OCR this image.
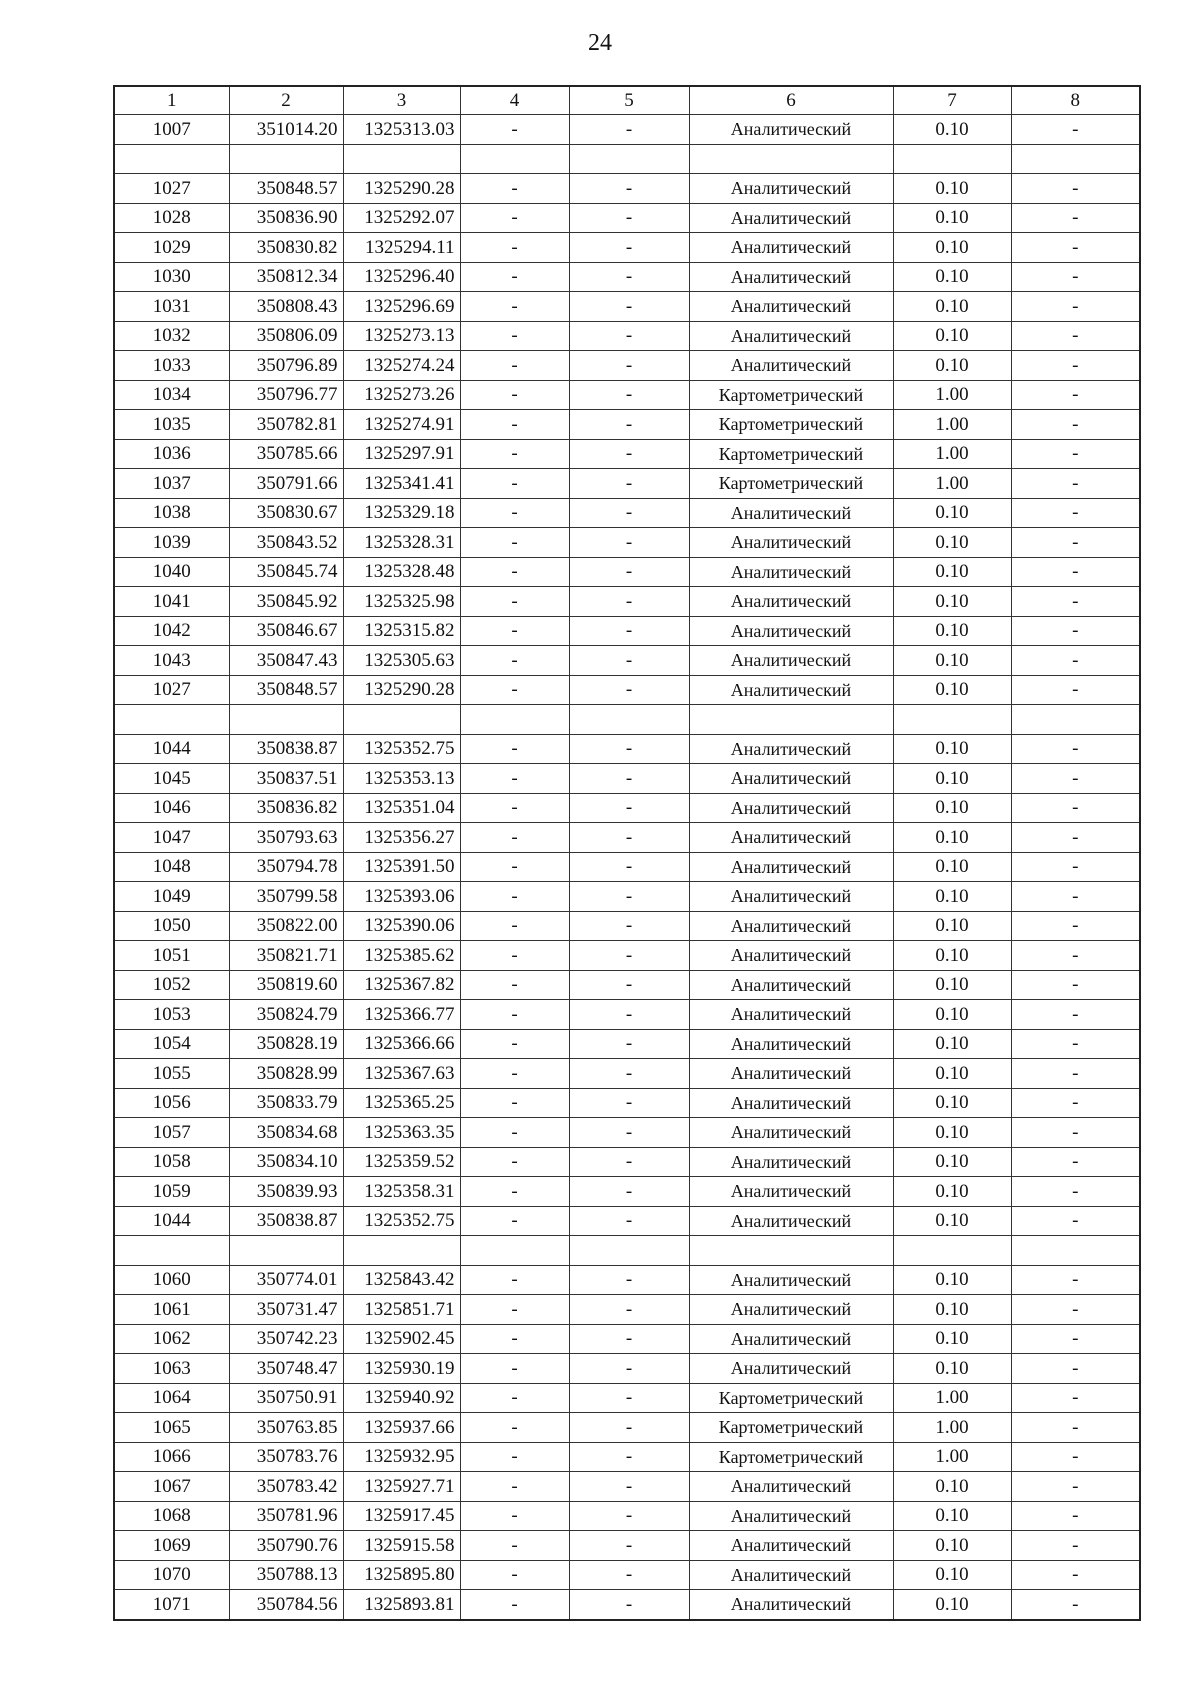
24
1	2	3	4	5	6	7	8
1007	351014.20	1325313.03	-	-	Аналитический	0.10	-

1027	350848.57	1325290.28	-	-	Аналитический	0.10	-
1028	350836.90	1325292.07	-	-	Аналитический	0.10	-
1029	350830.82	1325294.11	-	-	Аналитический	0.10	-
1030	350812.34	1325296.40	-	-	Аналитический	0.10	-
1031	350808.43	1325296.69	-	-	Аналитический	0.10	-
1032	350806.09	1325273.13	-	-	Аналитический	0.10	-
1033	350796.89	1325274.24	-	-	Аналитический	0.10	-
1034	350796.77	1325273.26	-	-	Картометрический	1.00	-
1035	350782.81	1325274.91	-	-	Картометрический	1.00	-
1036	350785.66	1325297.91	-	-	Картометрический	1.00	-
1037	350791.66	1325341.41	-	-	Картометрический	1.00	-
1038	350830.67	1325329.18	-	-	Аналитический	0.10	-
1039	350843.52	1325328.31	-	-	Аналитический	0.10	-
1040	350845.74	1325328.48	-	-	Аналитический	0.10	-
1041	350845.92	1325325.98	-	-	Аналитический	0.10	-
1042	350846.67	1325315.82	-	-	Аналитический	0.10	-
1043	350847.43	1325305.63	-	-	Аналитический	0.10	-
1027	350848.57	1325290.28	-	-	Аналитический	0.10	-

1044	350838.87	1325352.75	-	-	Аналитический	0.10	-
1045	350837.51	1325353.13	-	-	Аналитический	0.10	-
1046	350836.82	1325351.04	-	-	Аналитический	0.10	-
1047	350793.63	1325356.27	-	-	Аналитический	0.10	-
1048	350794.78	1325391.50	-	-	Аналитический	0.10	-
1049	350799.58	1325393.06	-	-	Аналитический	0.10	-
1050	350822.00	1325390.06	-	-	Аналитический	0.10	-
1051	350821.71	1325385.62	-	-	Аналитический	0.10	-
1052	350819.60	1325367.82	-	-	Аналитический	0.10	-
1053	350824.79	1325366.77	-	-	Аналитический	0.10	-
1054	350828.19	1325366.66	-	-	Аналитический	0.10	-
1055	350828.99	1325367.63	-	-	Аналитический	0.10	-
1056	350833.79	1325365.25	-	-	Аналитический	0.10	-
1057	350834.68	1325363.35	-	-	Аналитический	0.10	-
1058	350834.10	1325359.52	-	-	Аналитический	0.10	-
1059	350839.93	1325358.31	-	-	Аналитический	0.10	-
1044	350838.87	1325352.75	-	-	Аналитический	0.10	-

1060	350774.01	1325843.42	-	-	Аналитический	0.10	-
1061	350731.47	1325851.71	-	-	Аналитический	0.10	-
1062	350742.23	1325902.45	-	-	Аналитический	0.10	-
1063	350748.47	1325930.19	-	-	Аналитический	0.10	-
1064	350750.91	1325940.92	-	-	Картометрический	1.00	-
1065	350763.85	1325937.66	-	-	Картометрический	1.00	-
1066	350783.76	1325932.95	-	-	Картометрический	1.00	-
1067	350783.42	1325927.71	-	-	Аналитический	0.10	-
1068	350781.96	1325917.45	-	-	Аналитический	0.10	-
1069	350790.76	1325915.58	-	-	Аналитический	0.10	-
1070	350788.13	1325895.80	-	-	Аналитический	0.10	-
1071	350784.56	1325893.81	-	-	Аналитический	0.10	-
